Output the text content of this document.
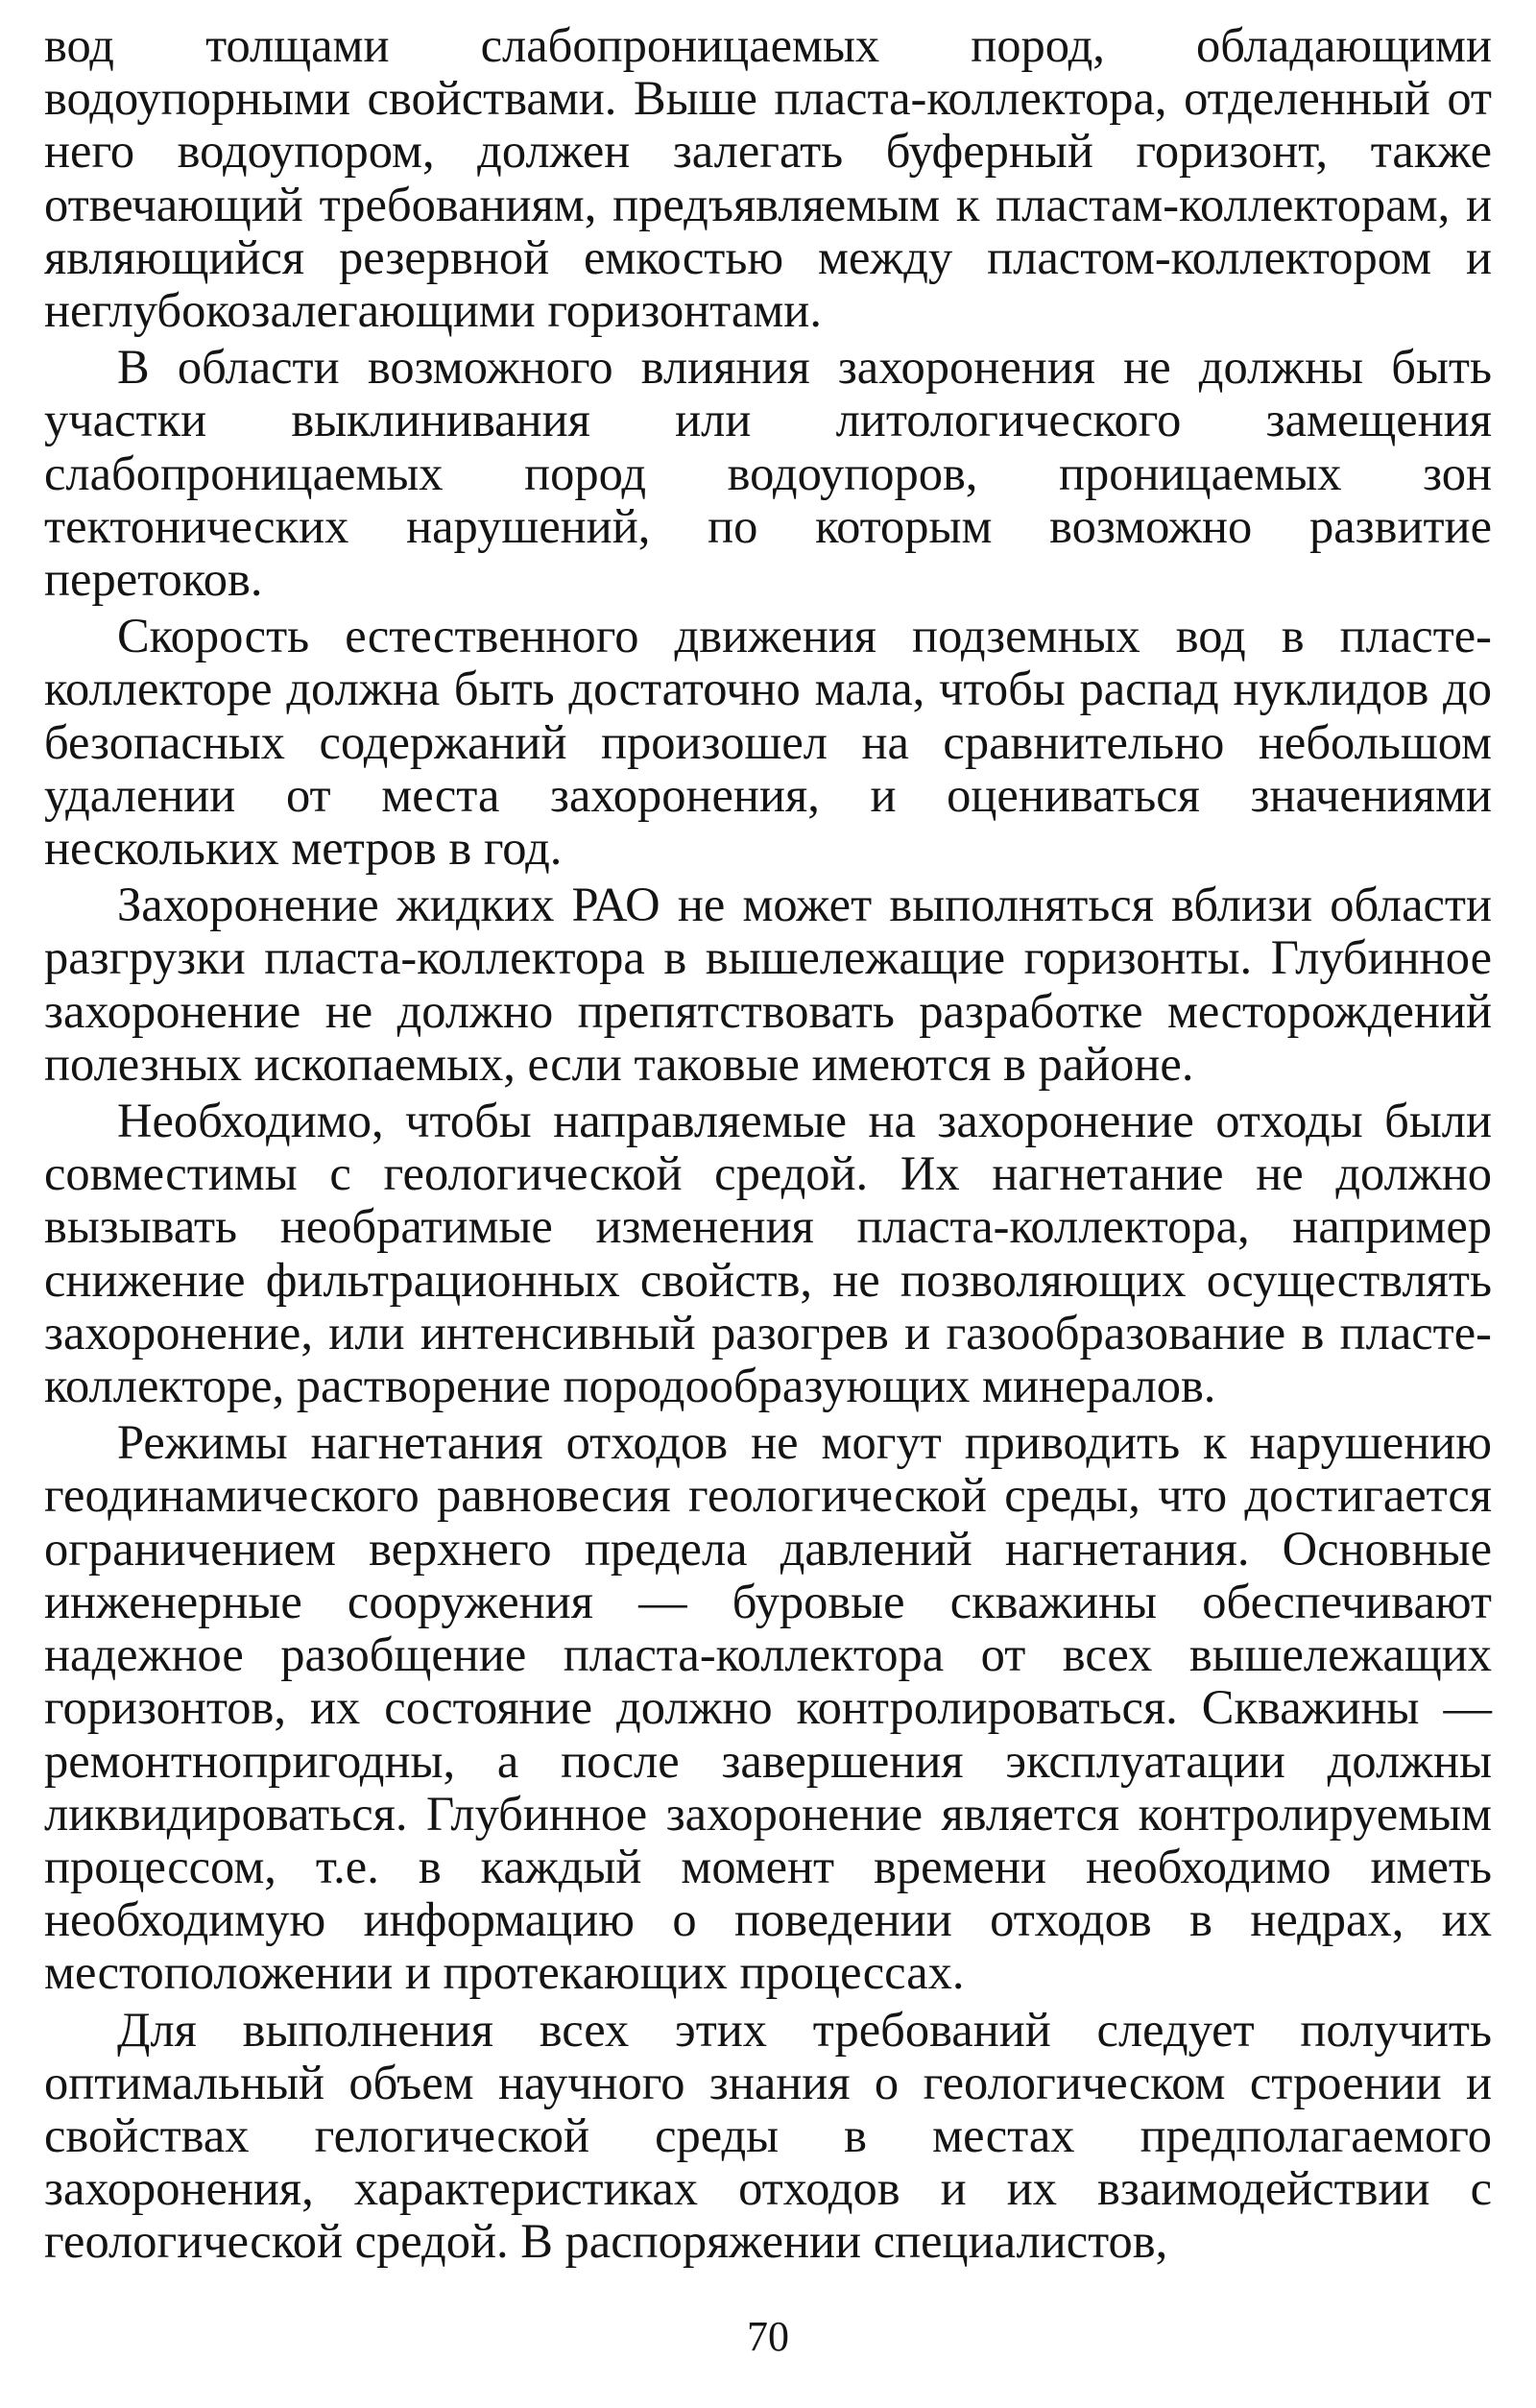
вод толщами слабопроницаемых пород, обладающими водоупорными свойствами. Выше пласта-коллектора, отделенный от него водоупором, должен залегать буферный горизонт, также отвечающий требованиям, предъявляемым к пластам-коллекторам, и являющийся резервной емкостью между пластом-коллектором и неглубокозалегающими горизонтами.

В области возможного влияния захоронения не должны быть участки выклинивания или литологического замещения слабопроницаемых пород водоупоров, проницаемых зон тектонических нарушений, по которым возможно развитие перетоков.

Скорость естественного движения подземных вод в пласте-коллекторе должна быть достаточно мала, чтобы распад нуклидов до безопасных содержаний произошел на сравнительно небольшом удалении от места захоронения, и оцениваться значениями нескольких метров в год.

Захоронение жидких РАО не может выполняться вблизи области разгрузки пласта-коллектора в вышележащие горизонты. Глубинное захоронение не должно препятствовать разработке месторождений полезных ископаемых, если таковые имеются в районе.

Необходимо, чтобы направляемые на захоронение отходы были совместимы с геологической средой. Их нагнетание не должно вызывать необратимые изменения пласта-коллектора, например снижение фильтрационных свойств, не позволяющих осуществлять захоронение, или интенсивный разогрев и газообразование в пласте-коллекторе, растворение породообразующих минералов.

Режимы нагнетания отходов не могут приводить к нарушению геодинамического равновесия геологической среды, что достигается ограничением верхнего предела давлений нагнетания. Основные инженерные сооружения — буровые скважины обеспечивают надежное разобщение пласта-коллектора от всех вышележащих горизонтов, их состояние должно контролироваться. Скважины — ремонтнопригодны, а после завершения эксплуатации должны ликвидироваться. Глубинное захоронение является контролируемым процессом, т.е. в каждый момент времени необходимо иметь необходимую информацию о поведении отходов в недрах, их местоположении и протекающих процессах.

Для выполнения всех этих требований следует получить оптимальный объем научного знания о геологическом строении и свойствах гелогической среды в местах предполагаемого захоронения, характеристиках отходов и их взаимодействии с геологической средой. В распоряжении специалистов,

70
